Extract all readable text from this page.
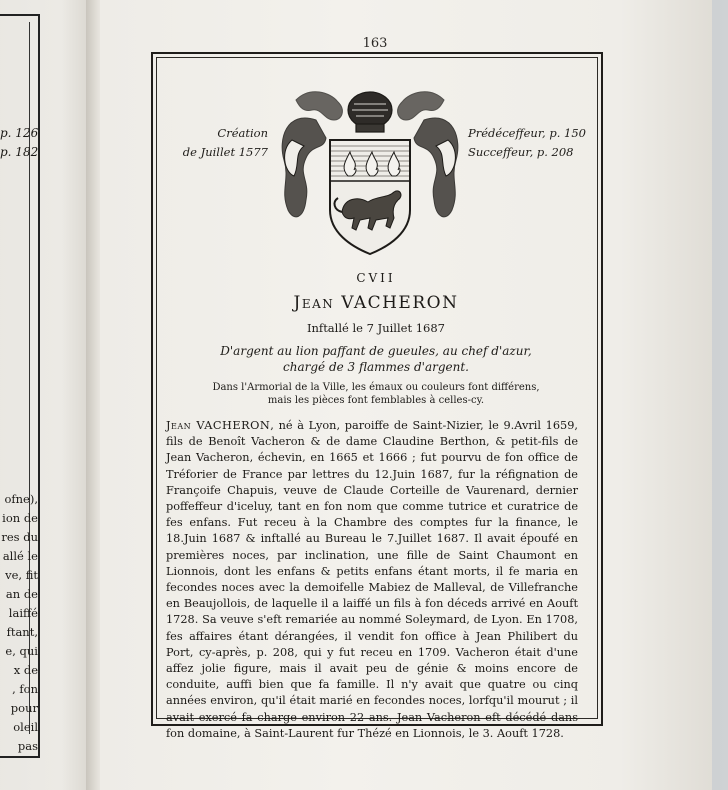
p. 126
p. 182
ofne),
ion de
res du
allé le
ve, fit
an de
laiffé
ftant,
e, qui
x de
, fon
pour
oleil
pas
163
Création
de Juillet 1577
Prédéceffeur, p. 150
Succeffeur, p. 208
CVII
Jean VACHERON
Inftallé le 7 Juillet 1687
D'argent au lion paffant de gueules, au chef d'azur,
chargé de 3 flammes d'argent.
Dans l'Armorial de la Ville, les émaux ou couleurs font différens,
mais les pièces font femblables à celles-cy.
Jean VACHERON, né à Lyon, paroiffe de Saint-Nizier, le 9.Avril 1659, fils de Benoît Vacheron & de dame Claudine Berthon, & petit-fils de Jean Vacheron, échevin, en 1665 et 1666 ; fut pourvu de fon office de Tréforier de France par lettres du 12.Juin 1687, fur la réfignation de Françoife Chapuis, veuve de Claude Corteille de Vaurenard, dernier poffeffeur d'iceluy, tant en fon nom que comme tutrice et curatrice de fes enfans. Fut receu à la Chambre des comptes fur la finance, le 18.Juin 1687 & inftallé au Bureau le 7.Juillet 1687. Il avait époufé en premières noces, par inclination, une fille de Saint Chaumont en Lionnois, dont les enfans & petits enfans étant morts, il fe maria en fecondes noces avec la demoifelle Mabiez de Malleval, de Villefranche en Beaujollois, de laquelle il a laiffé un fils à fon déceds arrivé en Aouft 1728. Sa veuve s'eft remariée au nommé Soleymard, de Lyon. En 1708, fes affaires étant dérangées, il vendit fon office à Jean Philibert du Port, cy-après, p. 208, qui y fut receu en 1709. Vacheron était d'une affez jolie figure, mais il avait peu de génie & moins encore de conduite, auffi bien que fa famille. Il n'y avait que quatre ou cinq années environ, qu'il était marié en fecondes noces, lorfqu'il mourut ; il avait exercé fa charge environ 22 ans. Jean Vacheron eft décédé dans fon domaine, à Saint-Laurent fur Thézé en Lionnois, le 3. Aouft 1728.
